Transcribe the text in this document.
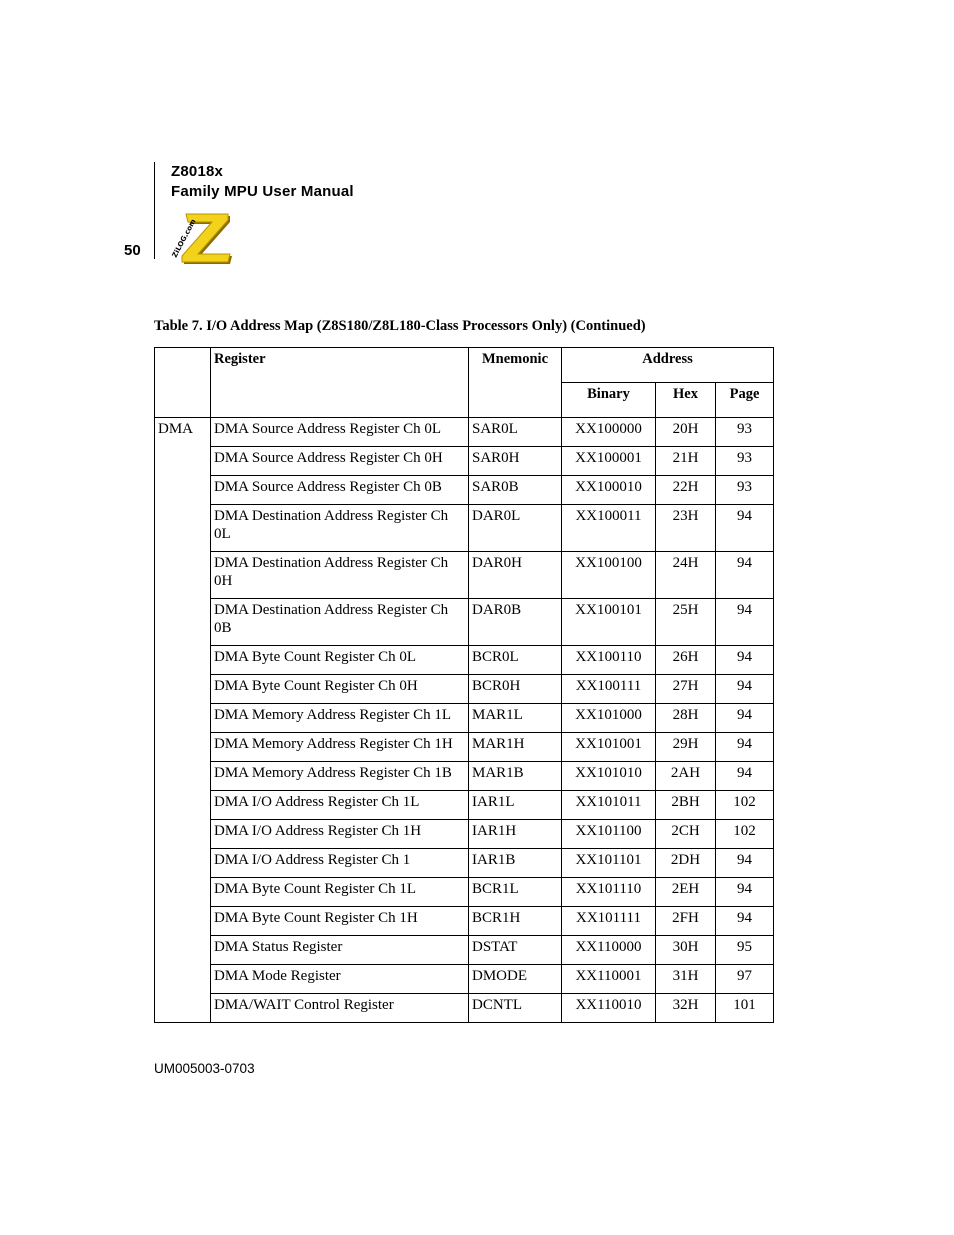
Z8018x
Family MPU User Manual
50	ZiLOG.com
Table 7. I/O Address Map (Z8S180/Z8L180-Class Processors Only) (Continued)
	Register	Mnemonic	Address		
			Binary	Hex	Page
DMA	DMA Source Address Register Ch 0L	SAR0L	XX100000	20H	93
	DMA Source Address Register Ch 0H	SAR0H	XX100001	21H	93
	DMA Source Address Register Ch 0B	SAR0B	XX100010	22H	93
	DMA Destination Address Register Ch 0L	DAR0L	XX100011	23H	94
	DMA Destination Address Register Ch 0H	DAR0H	XX100100	24H	94
	DMA Destination Address Register Ch 0B	DAR0B	XX100101	25H	94
	DMA Byte Count Register Ch 0L	BCR0L	XX100110	26H	94
	DMA Byte Count Register Ch 0H	BCR0H	XX100111	27H	94
	DMA Memory Address Register Ch 1L	MAR1L	XX101000	28H	94
	DMA Memory Address Register Ch 1H	MAR1H	XX101001	29H	94
	DMA Memory Address Register Ch 1B	MAR1B	XX101010	2AH	94
	DMA I/O Address Register Ch 1L	IAR1L	XX101011	2BH	102
	DMA I/O Address Register Ch 1H	IAR1H	XX101100	2CH	102
	DMA I/O Address Register Ch 1	IAR1B	XX101101	2DH	94
	DMA Byte Count Register Ch 1L	BCR1L	XX101110	2EH	94
	DMA Byte Count Register Ch 1H	BCR1H	XX101111	2FH	94
	DMA Status Register	DSTAT	XX110000	30H	95
	DMA Mode Register	DMODE	XX110001	31H	97
	DMA/WAIT Control Register	DCNTL	XX110010	32H	101
UM005003-0703
